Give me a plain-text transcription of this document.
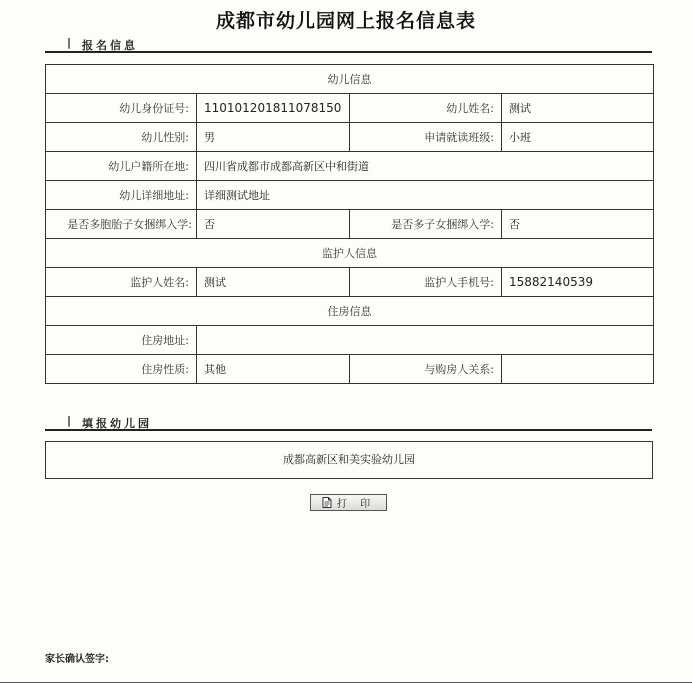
成都市幼儿园网上报名信息表
| 报名信息
幼儿信息			
幼儿身份证号:	110101201811078150	幼儿姓名:	测试
幼儿性别:	男	申请就读班级:	小班
幼儿户籍所在地:	四川省成都市成都高新区中和街道		
幼儿详细地址:	详细测试地址		
是否多胞胎子女捆绑入学:	否	是否多子女捆绑入学:	否
监护人信息			
监护人姓名:	测试	监护人手机号:	15882140539
住房信息			
住房地址:			
住房性质:	其他	与购房人关系:	
| 填报幼儿园
成都高新区和美实验幼儿园
打 印
家长确认签字:
